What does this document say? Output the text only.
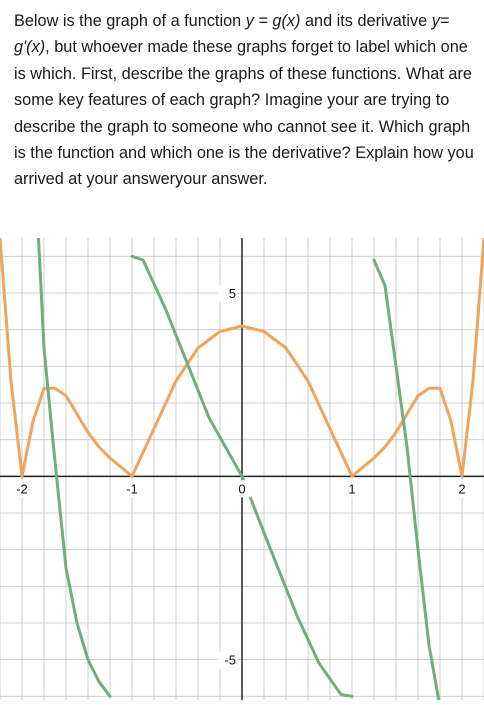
Below is the graph of a function y = g(x) and its derivative y= g'(x), but whoever made these graphs forget to label which one is which. First, describe the graphs of these functions. What are some key features of each graph? Imagine your are trying to describe the graph to someone who cannot see it. Which graph is the function and which one is the derivative? Explain how you arrived at your answeryour answer.

-2	-1	0	1	2
5
-5
